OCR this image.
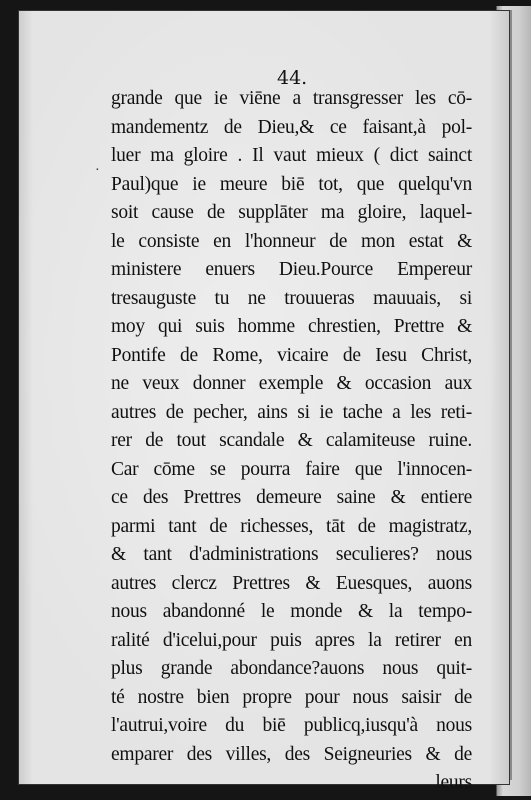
44.

·
grande que ie viēne a transgresser les cō-
mandementz de Dieu,& ce faisant,à pol-
luer ma gloire . Il vaut mieux ( dict sainct
Paul)que ie meure biē tot, que quelqu'vn
soit cause de supplāter ma gloire, laquel-
le consiste en l'honneur de mon estat &
ministere enuers Dieu.Pource Empereur
tresauguste tu ne trouueras mauuais, si
moy qui suis homme chrestien, Prettre &
Pontife de Rome, vicaire de Iesu Christ,
ne veux donner exemple & occasion aux
autres de pecher, ains si ie tache a les reti-
rer de tout scandale & calamiteuse ruine.
Car cōme se pourra faire que l'innocen-
ce des Prettres demeure saine & entiere
parmi tant de richesses, tāt de magistratz,
& tant d'administrations seculieres? nous
autres clercz Prettres & Euesques, auons
nous abandonné le monde & la tempo-
ralité d'icelui,pour puis apres la retirer en
plus grande abondance?auons nous quit-
té nostre bien propre pour nous saisir de
l'autrui,voire du biē publicq,iusqu'à nous
emparer des villes, des Seigneuries & de
leurs
